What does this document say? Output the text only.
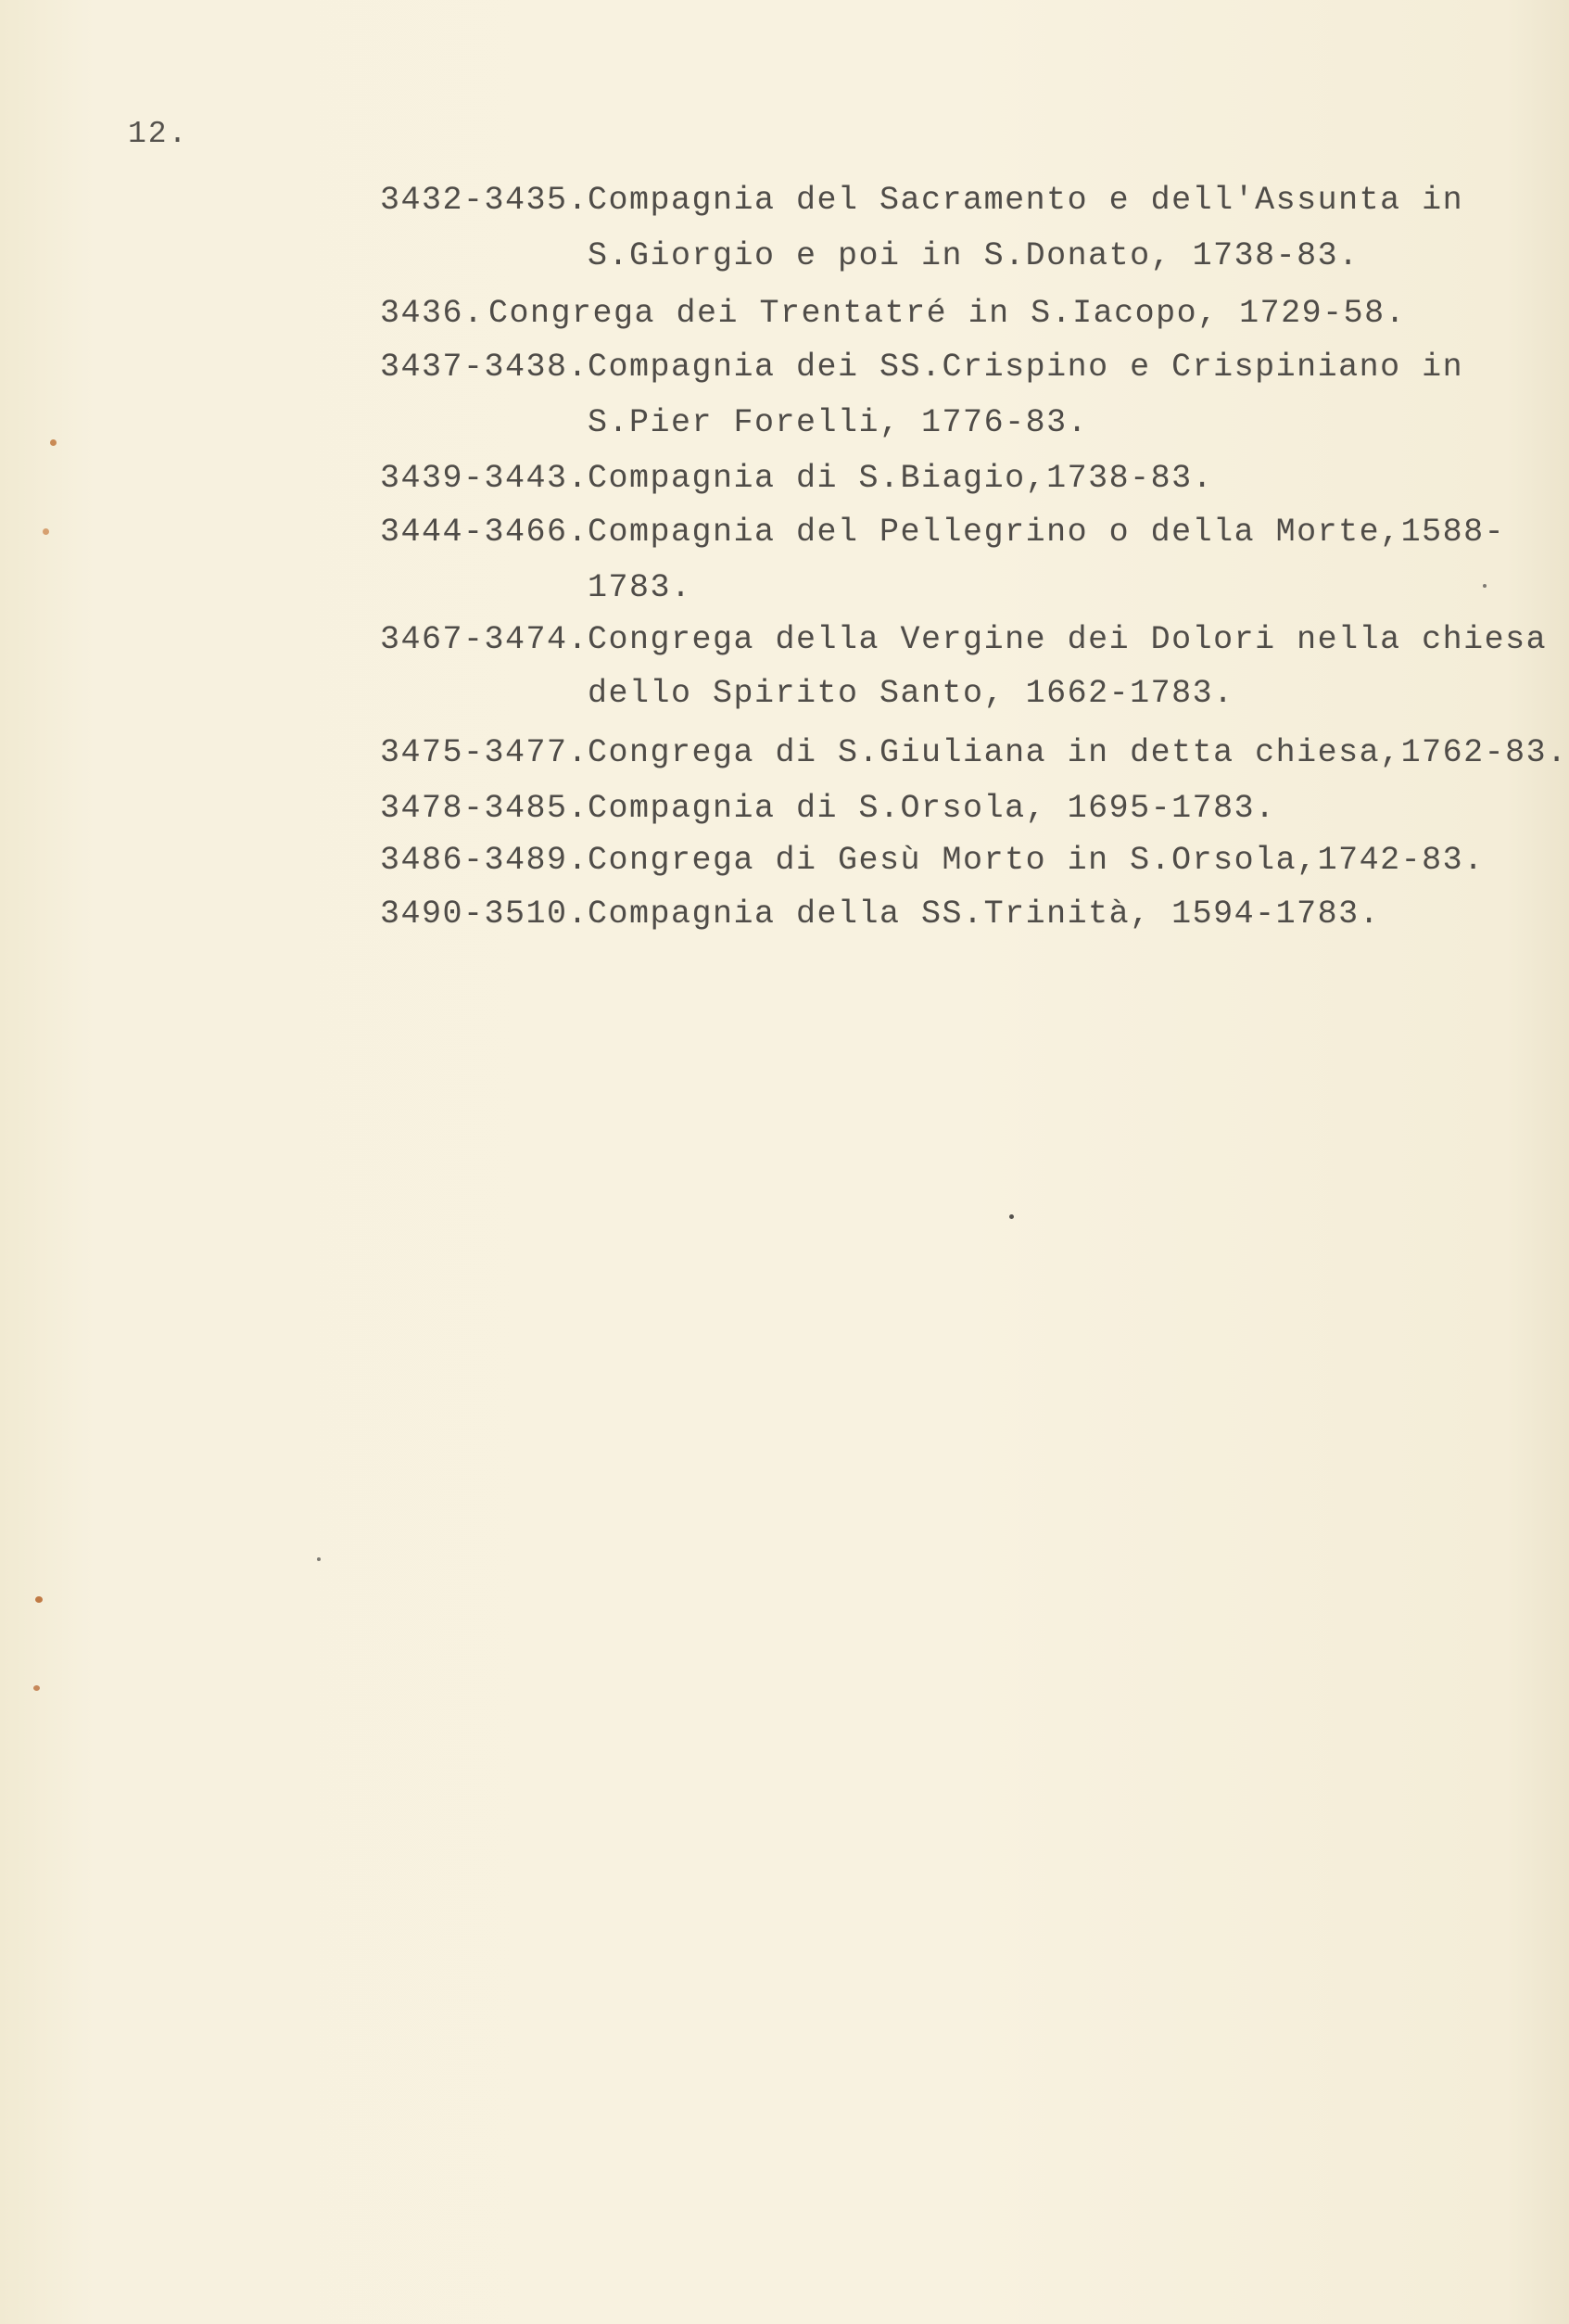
12.
3432-3435.
Compagnia del Sacramento e dell'Assunta in
S.Giorgio e poi in S.Donato, 1738-83.
3436. Congrega dei Trentatré in S.Iacopo, 1729-58.
3437-3438.
Compagnia dei SS.Crispino e Crispiniano in
S.Pier Forelli, 1776-83.
3439-3443.
Compagnia di S.Biagio,1738-83.
3444-3466.
Compagnia del Pellegrino o della Morte,1588-
1783.
3467-3474.
Congrega della Vergine dei Dolori nella chiesa
dello Spirito Santo, 1662-1783.
3475-3477.
Congrega di S.Giuliana in detta chiesa,1762-83.
3478-3485.
Compagnia di S.Orsola, 1695-1783.
3486-3489.
Congrega di Gesù Morto in S.Orsola,1742-83.
3490-3510.
Compagnia della SS.Trinità, 1594-1783.
